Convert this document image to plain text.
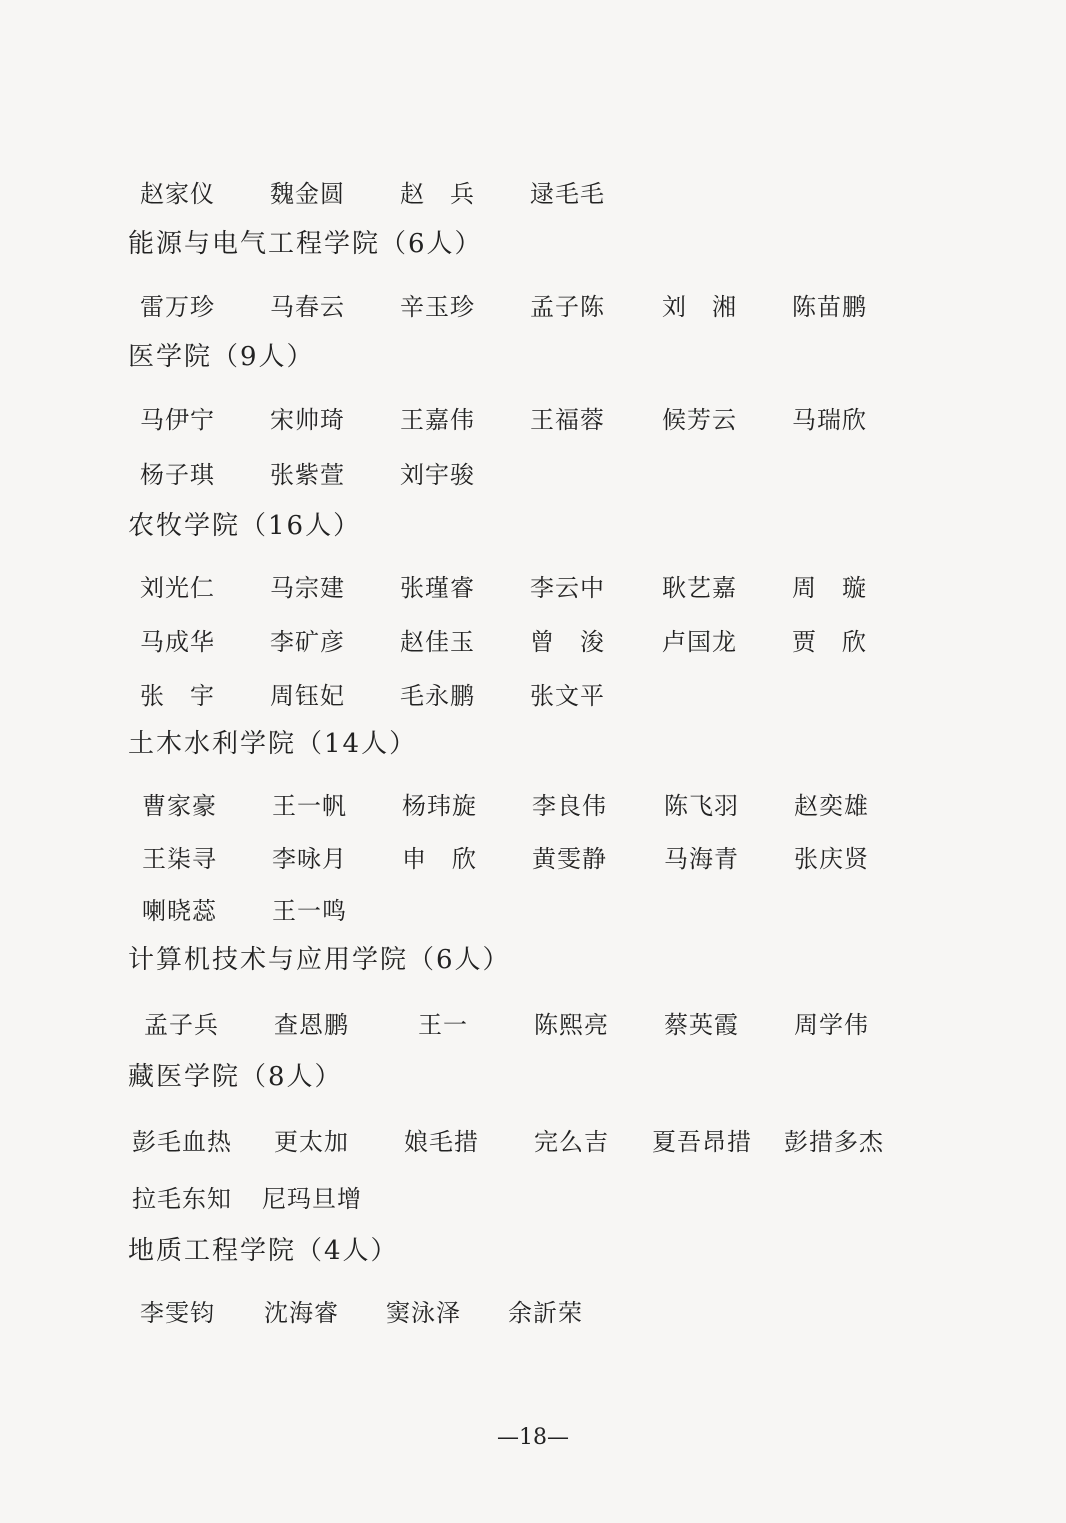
赵家仪 魏金圆 赵　兵 逯毛毛
能源与电气工程学院（6人）
雷万珍 马春云 辛玉珍 孟子陈 刘　湘 陈苗鹏
医学院（9人）
马伊宁 宋帅琦 王嘉伟 王福蓉 候芳云 马瑞欣
杨子琪 张紫萱 刘宇骏
农牧学院（16人）
刘光仁 马宗建 张瑾睿 李云中 耿艺嘉 周　璇
马成华 李矿彦 赵佳玉 曾　浚 卢国龙 贾　欣
张　宇 周钰妃 毛永鹏 张文平
土木水利学院（14人）
曹家豪 王一帆 杨玮旋 李良伟 陈飞羽 赵奕雄
王柒寻 李咏月 申　欣 黄雯静 马海青 张庆贤
喇晓蕊 王一鸣
计算机技术与应用学院（6人）
孟子兵 查恩鹏	王一	陈熙亮 蔡英霞 周学伟
藏医学院（8人）
彭毛血热 更太加 娘毛措 完么吉 夏吾昂措 彭措多杰
拉毛东知 尼玛旦增
地质工程学院（4人）
李雯钧 沈海睿 窦泳泽 余訢荣
—18—
